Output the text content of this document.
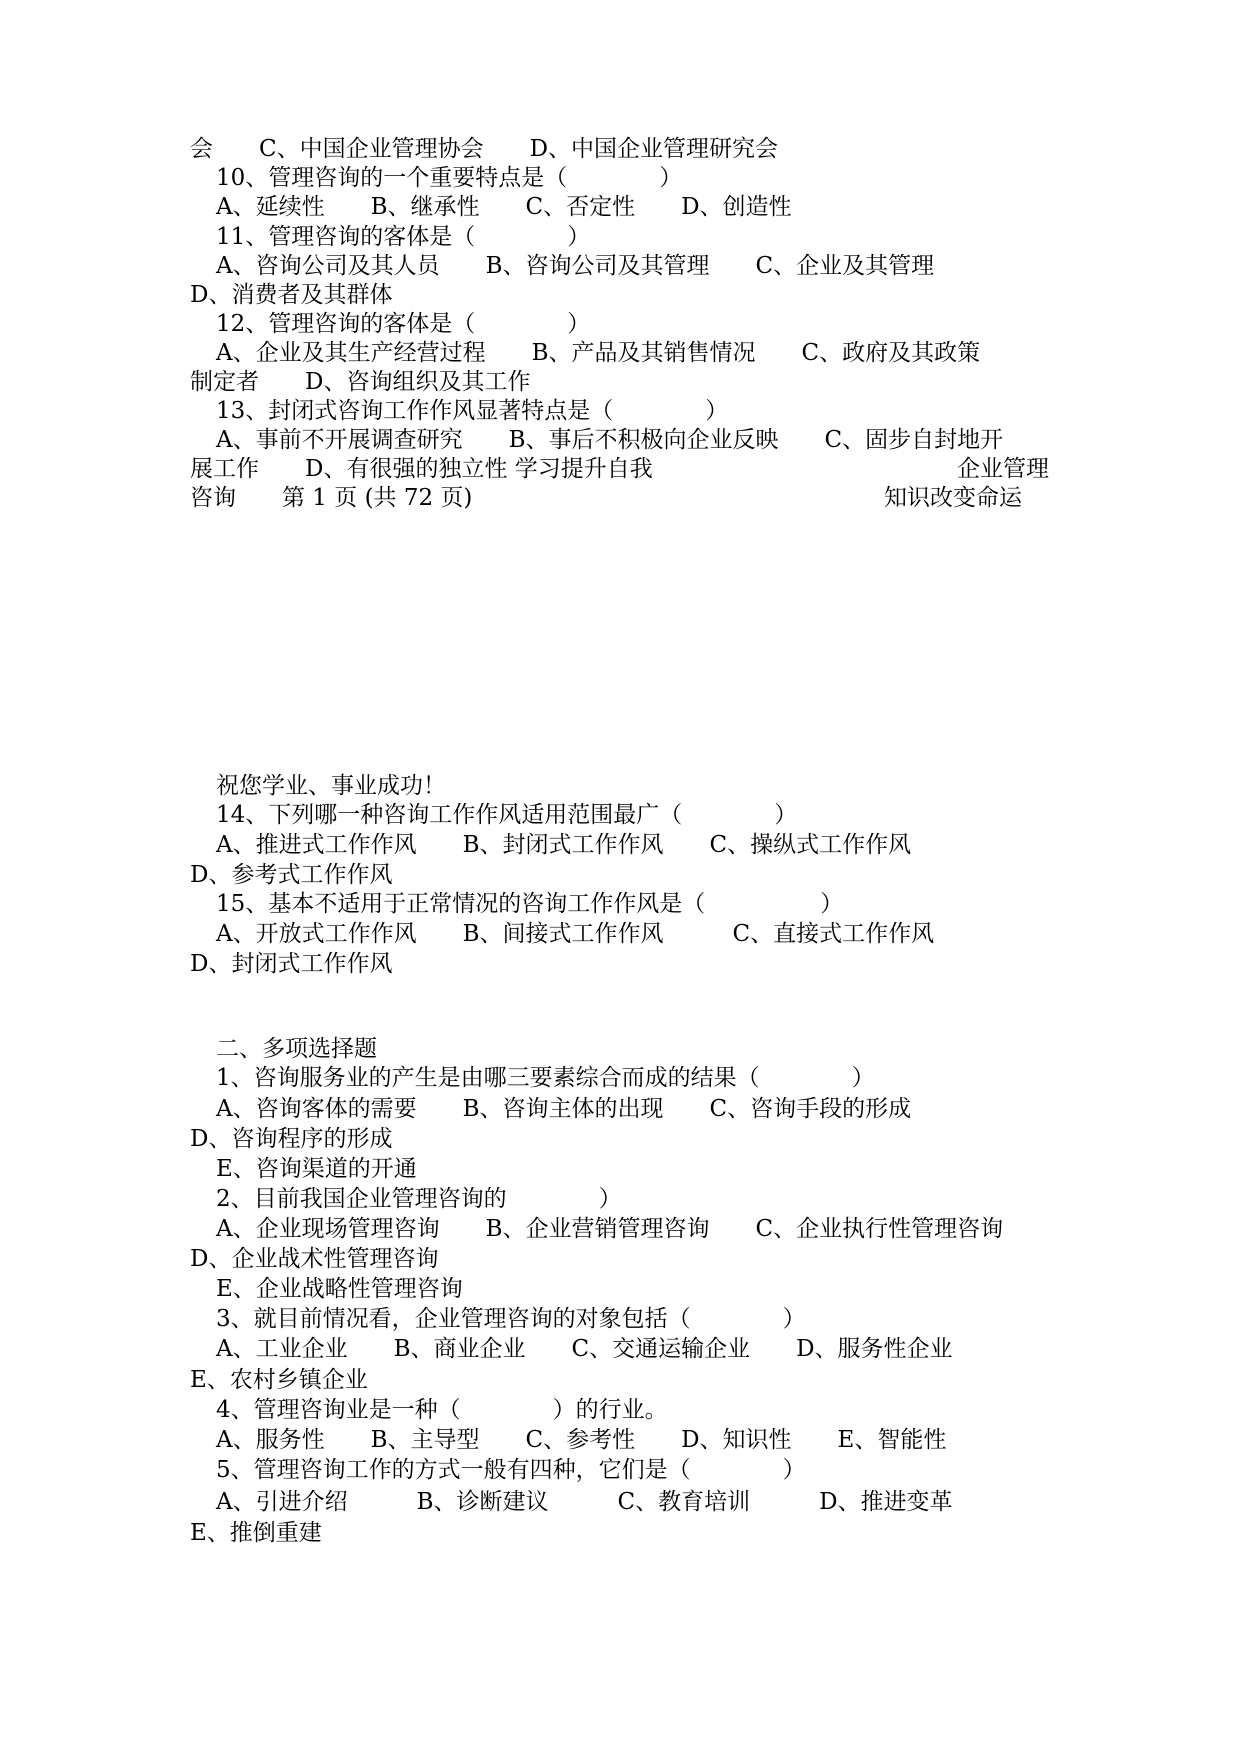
会　　C、中国企业管理协会　　D、中国企业管理研究会
10、管理咨询的一个重要特点是（　　　　）
A、延续性　　B、继承性　　C、否定性　　D、创造性
11、管理咨询的客体是（　　　　）
A、咨询公司及其人员　　B、咨询公司及其管理　　C、企业及其管理
D、消费者及其群体
12、管理咨询的客体是（　　　　）
A、企业及其生产经营过程　　B、产品及其销售情况　　C、政府及其政策
制定者　　D、咨询组织及其工作
13、封闭式咨询工作作风显著特点是（　　　　）
A、事前不开展调查研究　　B、事后不积极向企业反映　　C、固步自封地开
展工作　　D、有很强的独立性 学习提升自我	企业管理
咨询　　第 1 页 (共 72 页)	知识改变命运
祝您学业、事业成功！
14、下列哪一种咨询工作作风适用范围最广（　　　　）
A、推进式工作作风　　B、封闭式工作作风　　C、操纵式工作作风
D、参考式工作作风
15、基本不适用于正常情况的咨询工作作风是（　　　　　）
A、开放式工作作风　　B、间接式工作作风　　　C、直接式工作作风
D、封闭式工作作风
二、多项选择题
1、咨询服务业的产生是由哪三要素综合而成的结果（　　　　）
A、咨询客体的需要　　B、咨询主体的出现　　C、咨询手段的形成
D、咨询程序的形成
E、咨询渠道的开通
2、目前我国企业管理咨询的　　　　）
A、企业现场管理咨询　　B、企业营销管理咨询　　C、企业执行性管理咨询
D、企业战术性管理咨询
E、企业战略性管理咨询
3、就目前情况看，企业管理咨询的对象包括（　　　　）
A、工业企业　　B、商业企业　　C、交通运输企业　　D、服务性企业
E、农村乡镇企业
4、管理咨询业是一种（　　　　）的行业。
A、服务性　　B、主导型　　C、参考性　　D、知识性　　E、智能性
5、管理咨询工作的方式一般有四种，它们是（　　　　）
A、引进介绍　　　B、诊断建议　　　C、教育培训　　　D、推进变革
E、推倒重建
